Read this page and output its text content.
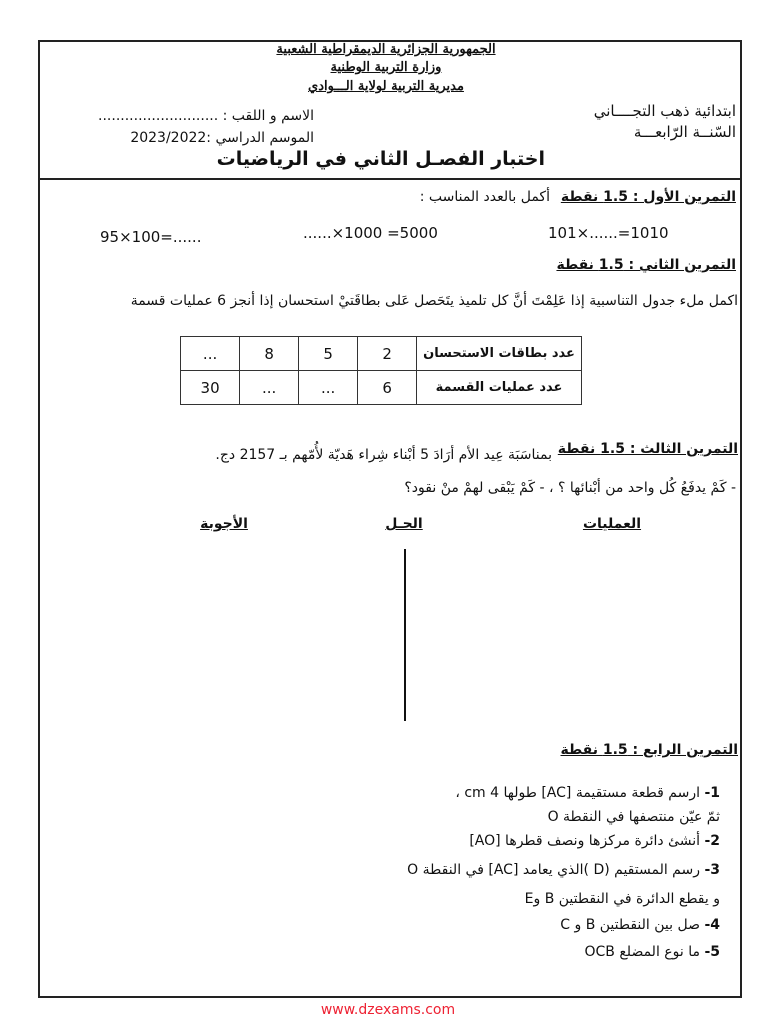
الجمهورية الجزائرية الديمقراطية الشعبية
وزارة التربية الوطنية
مديرية التربية لولاية الـــوادي
ابتدائية ذهب التجــــاني
السّنــة الرّابعـــة
الاسم و اللقب : ...........................
الموسم الدراسي :2023/2022
اختبار الفصـل الثاني في الرياضيات
التمرين الأول : 1.5 نقطة
أكمل بالعدد المناسب :
101×......=1010
......×1000 =5000
95×100=......
التمرين الثاني : 1.5 نقطة
اكمل ملء جدول التناسبية إذا عَلِمْتَ أنَّ كل تلميذ يتَحَصل عَلى بطاقَتيْ استحسان إذا أنجز 6 عمليات قسمة
عدد بطاقات الاستحسان	2	5	8	...
عدد عمليات القسمة	6	...	...	30
التمرين الثالث : 1.5 نقطة
بمناسَبَة عِيد الأم أرَادَ 5 أبْناء شِراء هَديّة لأُمّهم بـ 2157 دج.
- كَمْ يدفَعُ كُل واحد من أبْنائها ؟ ، - كَمْ يَبْقى لهمْ منْ نقود؟
العمليات
الحـل
الأجوبة
التمرين الرابع : 1.5 نقطة
1- ارسم قطعة مستقيمة [AC] طولها 4 cm ،
ثمّ عيّن منتصفها في النقطة O
2- أنشئ دائرة مركزها ونصف قطرها [AO]
3- رسم المستقيم (D )الذي يعامد [AC] في النقطة O
و يقطع الدائرة في النقطتين B وE
4- صل بين النقطتين B و C
5- ما نوع المضلع OCB
www.dzexams.com
